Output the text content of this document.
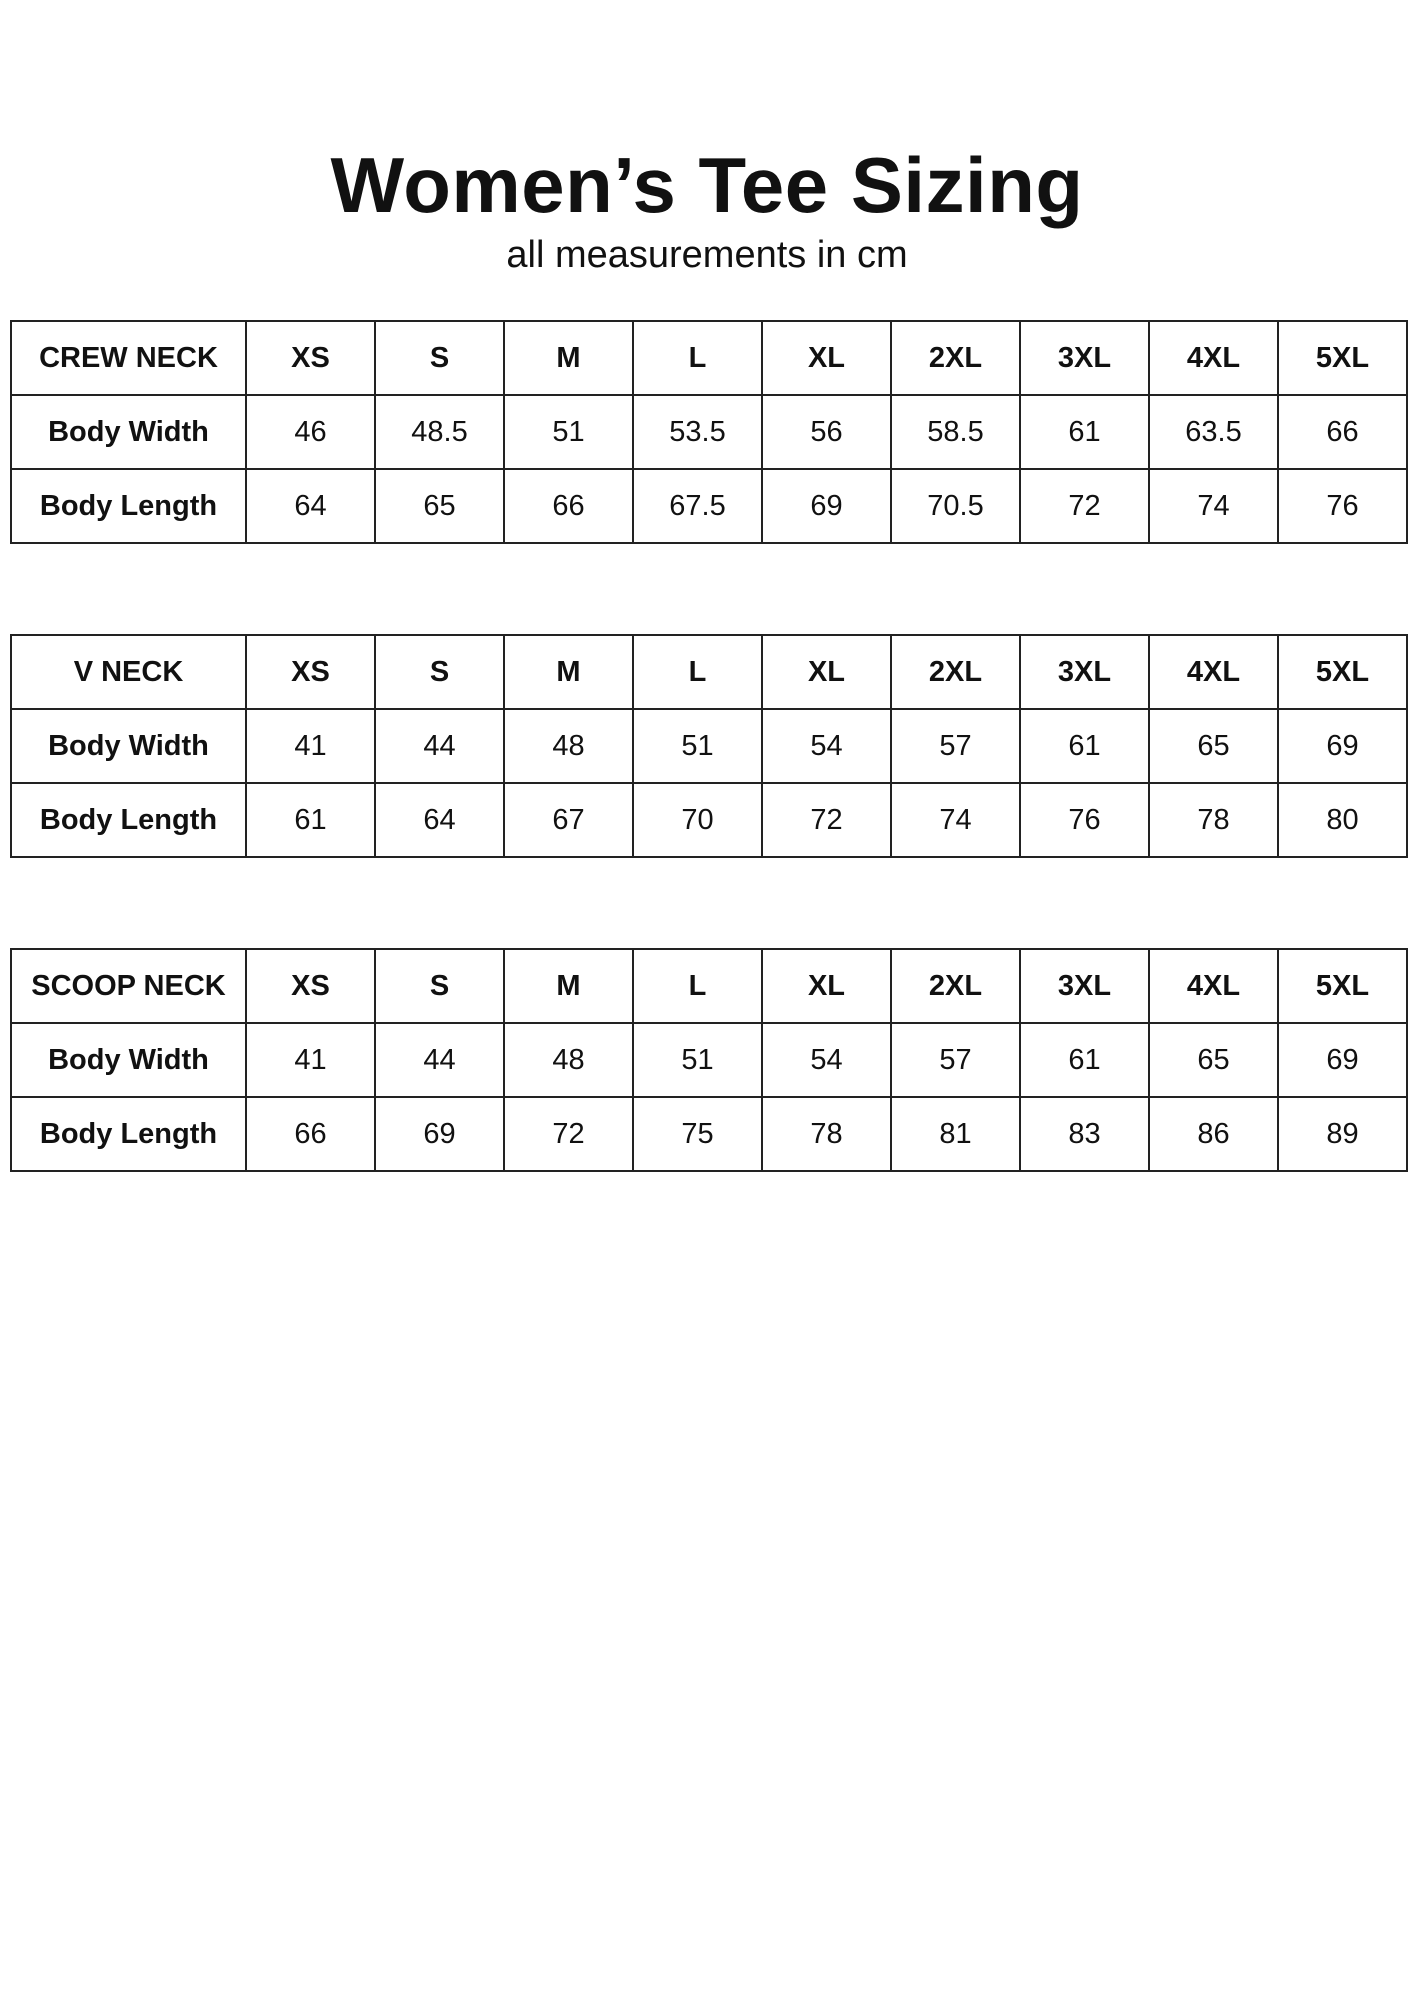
Women’s Tee Sizing

all measurements in cm

CREW NECK	XS	S	M	L	XL	2XL	3XL	4XL	5XL
Body Width	46	48.5	51	53.5	56	58.5	61	63.5	66
Body Length	64	65	66	67.5	69	70.5	72	74	76
V NECK	XS	S	M	L	XL	2XL	3XL	4XL	5XL
Body Width	41	44	48	51	54	57	61	65	69
Body Length	61	64	67	70	72	74	76	78	80
SCOOP NECK	XS	S	M	L	XL	2XL	3XL	4XL	5XL
Body Width	41	44	48	51	54	57	61	65	69
Body Length	66	69	72	75	78	81	83	86	89
